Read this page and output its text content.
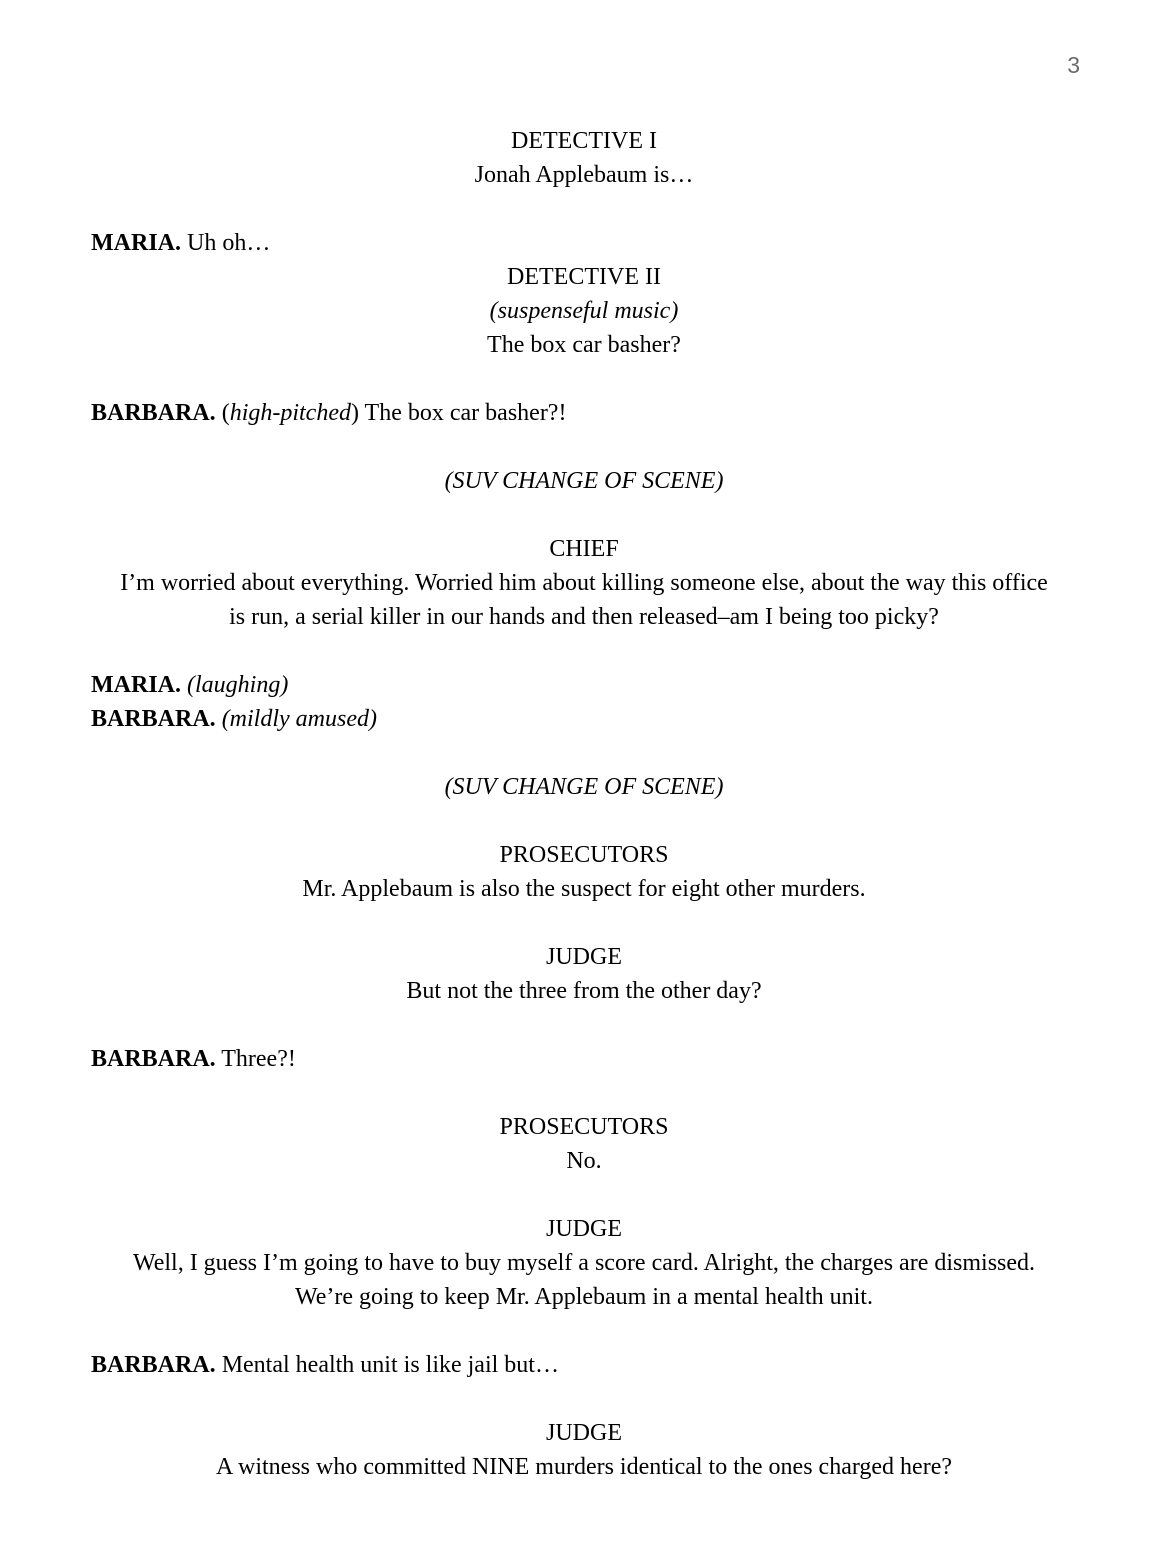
3
DETECTIVE I
Jonah Applebaum is…
MARIA. Uh oh…
DETECTIVE II
(suspenseful music)
The box car basher?
BARBARA. (high-pitched) The box car basher?!
(SUV CHANGE OF SCENE)
CHIEF
I’m worried about everything. Worried him about killing someone else, about the way this office
is run, a serial killer in our hands and then released–am I being too picky?
MARIA. (laughing)
BARBARA. (mildly amused)
(SUV CHANGE OF SCENE)
PROSECUTORS
Mr. Applebaum is also the suspect for eight other murders.
JUDGE
But not the three from the other day?
BARBARA. Three?!
PROSECUTORS
No.
JUDGE
Well, I guess I’m going to have to buy myself a score card. Alright, the charges are dismissed.
We’re going to keep Mr. Applebaum in a mental health unit.
BARBARA. Mental health unit is like jail but…
JUDGE
A witness who committed NINE murders identical to the ones charged here?
